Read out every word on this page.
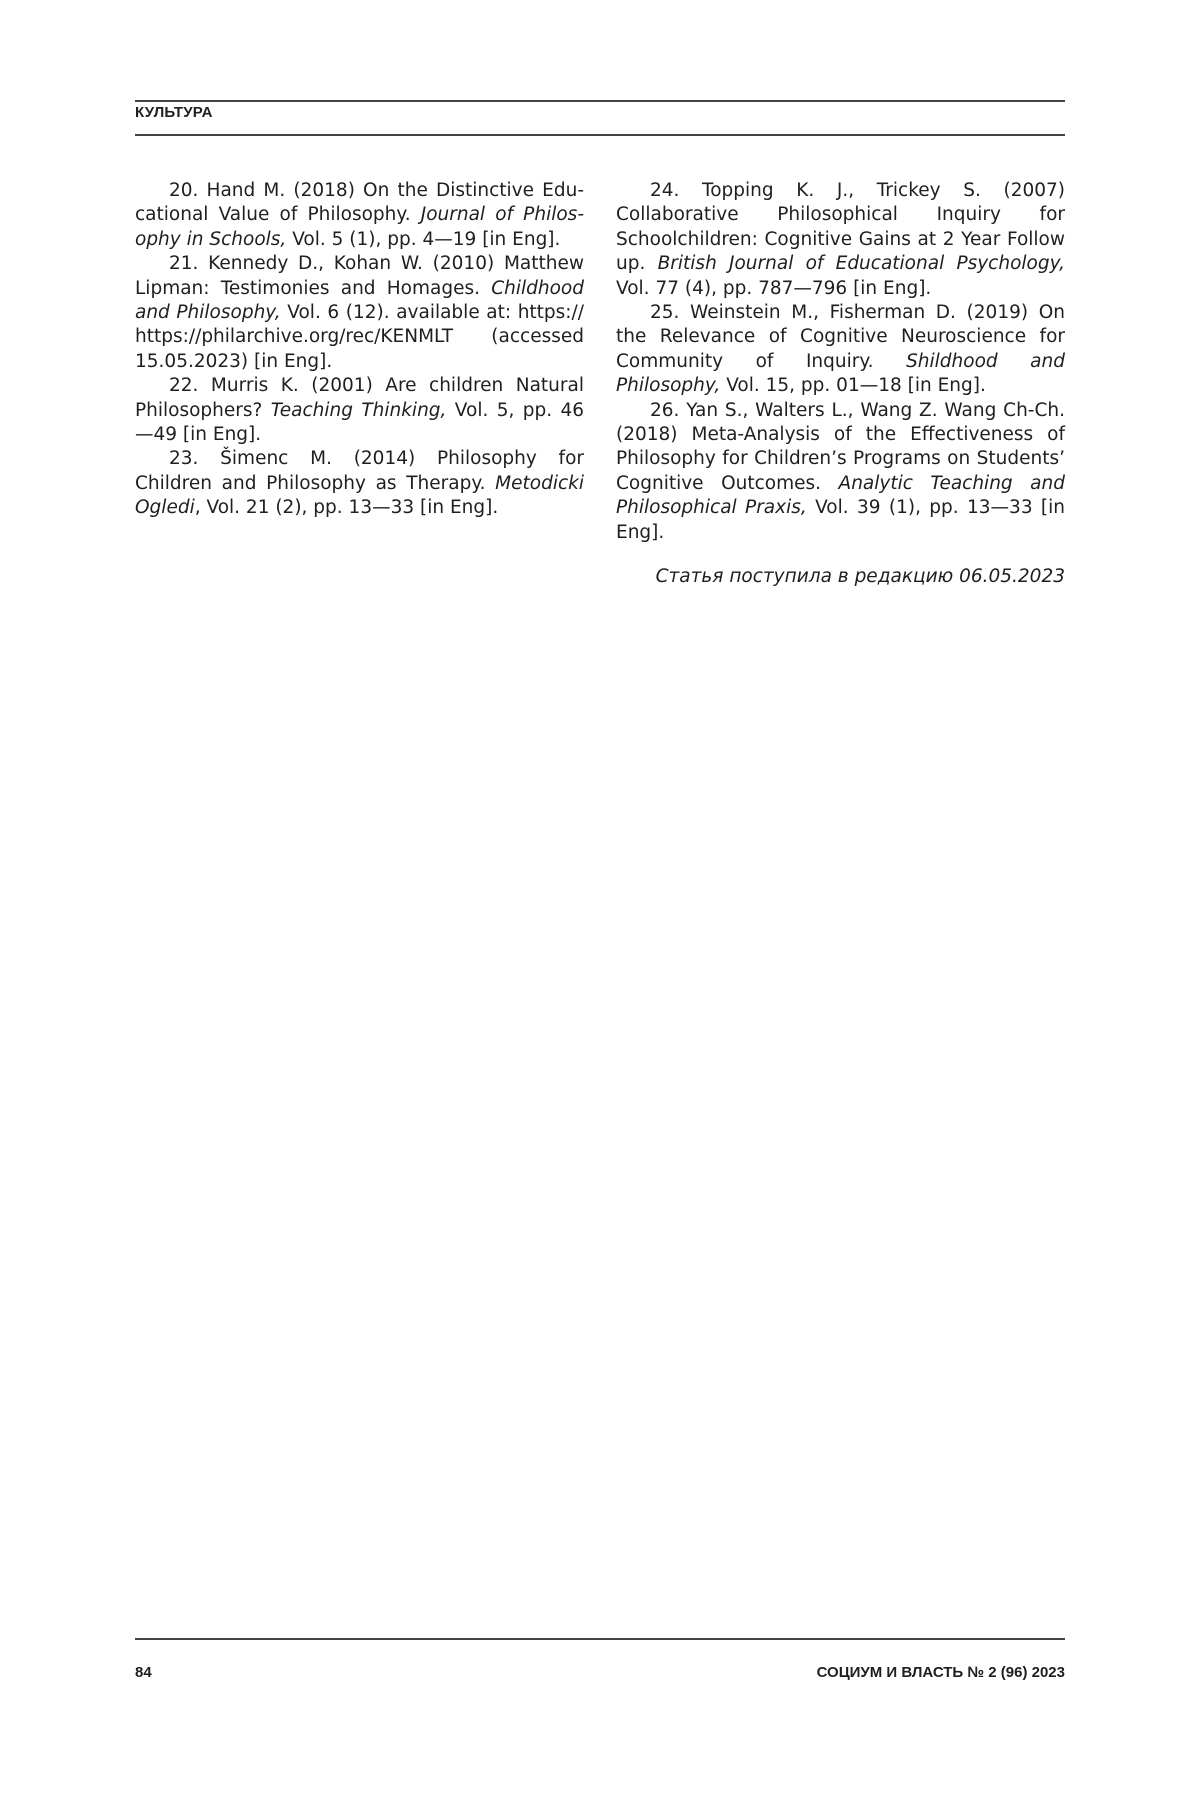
КУЛЬТУРА

20. Hand M. (2018) On the Distinctive Educational Value of Philosophy. Journal of Philosophy in Schools, Vol. 5 (1), pp. 4—19 [in Eng].

21. Kennedy D., Kohan W. (2010) Matthew Lipman: Testimonies and Homages. Childhood and Philosophy, Vol. 6 (12). available at: https:// https://philarchive.org/rec/KENMLT (accessed 15.05.2023) [in Eng].

22. Murris K. (2001) Are children Natural Philosophers? Teaching Thinking, Vol. 5, pp. 46—49 [in Eng].

23. Šimenc M. (2014) Philosophy for Children and Philosophy as Therapy. Metodicki Ogledi, Vol. 21 (2), pp. 13—33 [in Eng].

24. Topping K. J., Trickey S. (2007) Collaborative Philosophical Inquiry for Schoolchildren: Cognitive Gains at 2 Year Follow up. British Journal of Educational Psychology, Vol. 77 (4), pp. 787—796 [in Eng].

25. Weinstein M., Fisherman D. (2019) On the Relevance of Cognitive Neuroscience for Community of Inquiry. Shildhood and Philosophy, Vol. 15, pp. 01—18 [in Eng].

26. Yan S., Walters L., Wang Z. Wang Ch-Ch. (2018) Meta-Analysis of the Effectiveness of Philosophy for Children’s Programs on Students’ Cognitive Outcomes. Analytic Teaching and Philosophical Praxis, Vol. 39 (1), pp. 13—33 [in Eng].

Статья поступила в редакцию 06.05.2023
84	СОЦИУМ И ВЛАСТЬ № 2 (96) 2023
